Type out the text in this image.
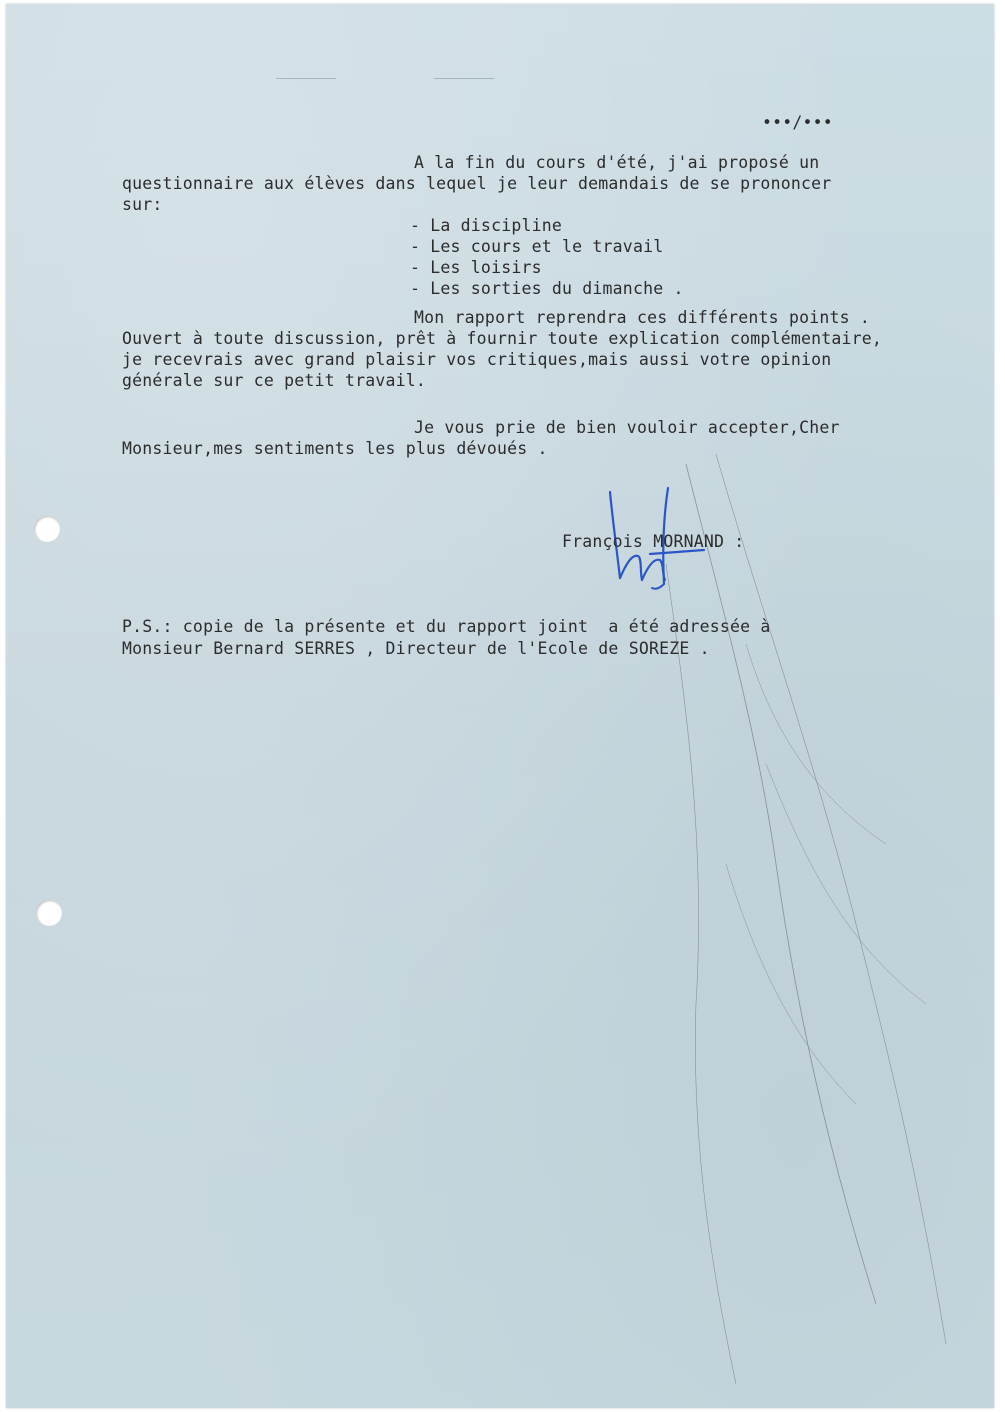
•••/•••
A la fin du cours d'été, j'ai proposé un
questionnaire aux élèves dans lequel je leur demandais de se prononcer
sur:
- La discipline
- Les cours et le travail
- Les loisirs
- Les sorties du dimanche .
Mon rapport reprendra ces différents points .
Ouvert à toute discussion, prêt à fournir toute explication complémentaire,
je recevrais avec grand plaisir vos critiques,mais aussi votre opinion
générale sur ce petit travail.
Je vous prie de bien vouloir accepter,Cher
Monsieur,mes sentiments les plus dévoués .
François MORNAND :
P.S.: copie de la présente et du rapport joint  a été adressée à
Monsieur Bernard SERRES , Directeur de l'Ecole de SOREZE .
